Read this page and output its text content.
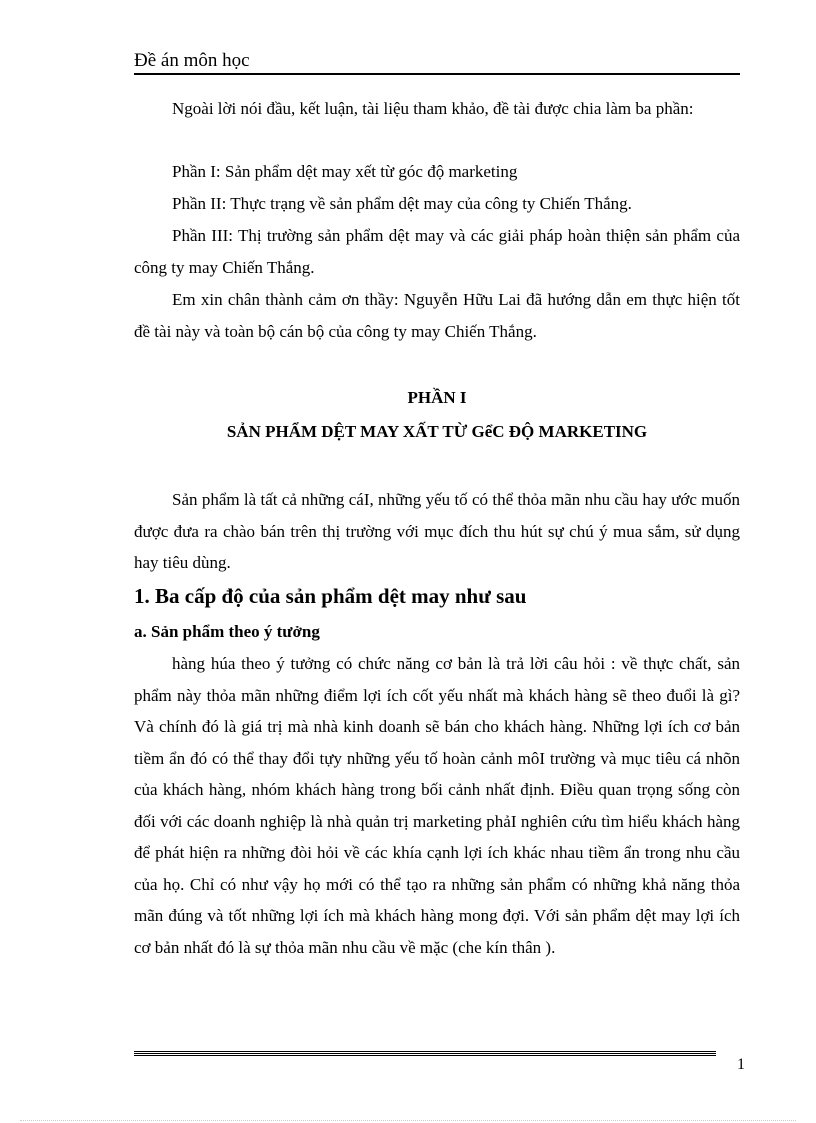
Đề án môn học

Ngoài lời nói đầu, kết luận, tài liệu tham khảo, đề tài được chia làm ba phần:

Phần I: Sản phẩm dệt may xết từ góc độ marketing

Phần II: Thực trạng về sản phẩm dệt may của công ty Chiến Thắng.

Phần III: Thị trường sản phẩm dệt may và các giải pháp hoàn thiện sản phẩm của công ty may Chiến Thắng.

Em xin chân thành cảm ơn thầy: Nguyễn Hữu Lai đã hướng dẫn em thực hiện tốt đề tài này và toàn bộ cán bộ của công ty may Chiến Thắng.

PHẦN I
SẢN PHẨM DỆT MAY XẤT TỪ GểC ĐỘ MARKETING

Sản phẩm là tất cả những cáI, những yếu tố có thể thỏa mãn nhu cầu hay ước muốn được đưa ra chào bán trên thị trường với mục đích thu hút sự chú ý mua sắm, sử dụng hay tiêu dùng.

1. Ba cấp độ của sản phẩm dệt may như sau
a. Sản phẩm theo ý tưởng

hàng húa theo ý tưởng có chức năng cơ bản là trả lời câu hỏi : về thực chất, sản phẩm này thỏa mãn những điểm lợi ích cốt yếu nhất mà khách hàng sẽ theo đuổi là gì? Và chính đó là giá trị mà nhà kinh doanh sẽ bán cho khách hàng. Những lợi ích cơ bản tiềm ẩn đó có thể thay đổi tựy những yếu tố hoàn cảnh môI trường và mục tiêu cá nhõn của khách hàng, nhóm khách hàng trong bối cảnh nhất định. Điều quan trọng sống còn đối với các doanh nghiệp là nhà quản trị marketing phảI nghiên cứu tìm hiểu khách hàng để phát hiện ra những đòi hỏi về các khía cạnh lợi ích khác nhau tiềm ẩn trong nhu cầu của họ. Chỉ có như vậy họ mới có thể tạo ra những sản phẩm có những khả năng thỏa mãn đúng và tốt những lợi ích mà khách hàng mong đợi. Với sản phẩm dệt may lợi ích cơ bản nhất đó là sự thỏa mãn nhu cầu về mặc (che kín thân ).

1
